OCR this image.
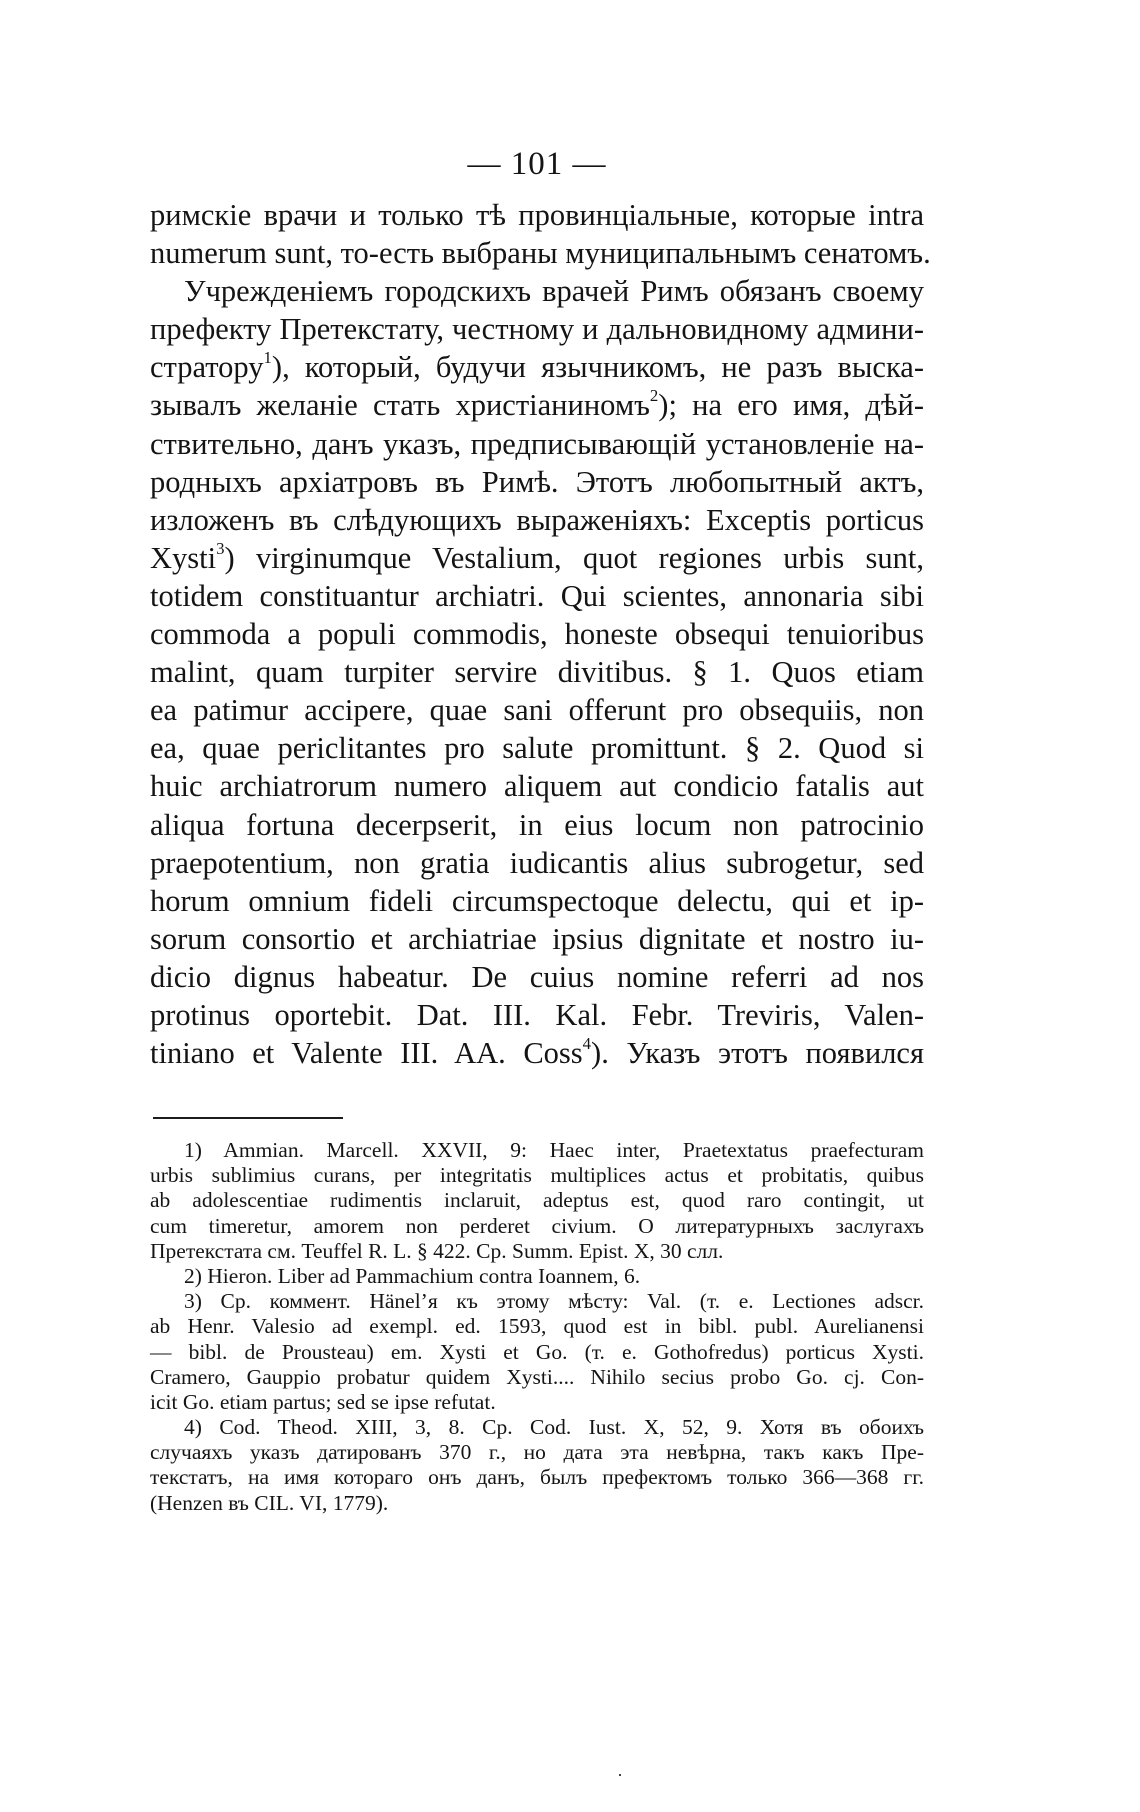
— 101 —
римскіе врачи и только тѣ провинціальные, которые intra
numerum sunt, то-есть выбраны муниципальнымъ сенатомъ.
Учрежденіемъ городскихъ врачей Римъ обязанъ своему
префекту Претекстату, честному и дальновидному админи-
стратору$^1$), который, будучи язычникомъ, не разъ выска-
зывалъ желаніе стать христіаниномъ$^2$); на его имя, дѣй-
ствительно, данъ указъ, предписывающій установленіе на-
родныхъ архіатровъ въ Римѣ. Этотъ любопытный актъ,
изложенъ въ слѣдующихъ выраженіяхъ: Exceptis porticus
Xysti$^3$) virginumque Vestalium, quot regiones urbis sunt,
totidem constituantur archiatri. Qui scientes, annonaria sibi
commoda a populi commodis, honeste obsequi tenuioribus
malint, quam turpiter servire divitibus. § 1. Quos etiam
ea patimur accipere, quae sani offerunt pro obsequiis, non
ea, quae periclitantes pro salute promittunt. § 2. Quod si
huic archiatrorum numero aliquem aut condicio fatalis aut
aliqua fortuna decerpserit, in eius locum non patrocinio
praepotentium, non gratia iudicantis alius subrogetur, sed
horum omnium fideli circumspectoque delectu, qui et ip-
sorum consortio et archiatriae ipsius dignitate et nostro iu-
dicio dignus habeatur. De cuius nomine referri ad nos
protinus oportebit. Dat. III. Kal. Febr. Treviris, Valen-
tiniano et Valente III. AA. Coss$^4$). Указъ этотъ появился
1) Ammian. Marcell. XXVII, 9: Haec inter, Praetextatus praefecturam
urbis sublimius curans, per integritatis multiplices actus et probitatis, quibus
ab adolescentiae rudimentis inclaruit, adeptus est, quod raro contingit, ut
cum timeretur, amorem non perderet civium. О литературныхъ заслугахъ
Претекстата см. Teuffel R. L. § 422. Ср. Summ. Epist. X, 30 слл.
2) Hieron. Liber ad Pammachium contra Ioannem, 6.
3) Ср. коммент. Hänel’я къ этому мѣсту: Val. (т. е. Lectiones adscr.
ab Henr. Valesio ad exempl. ed. 1593, quod est in bibl. publ. Aurelianensi
— bibl. de Prousteau) em. Xysti et Go. (т. е. Gothofredus) porticus Xysti.
Cramero, Gauppio probatur quidem Xysti.... Nihilo secius probo Go. cj. Con-
icit Go. etiam partus; sed se ipse refutat.
4) Cod. Theod. XIII, 3, 8. Ср. Cod. Iust. X, 52, 9. Хотя въ обоихъ
случаяхъ указъ датированъ 370 г., но дата эта невѣрна, такъ какъ Пре-
текстатъ, на имя котораго онъ данъ, былъ префектомъ только 366—368 гг.
(Henzen въ CIL. VI, 1779).
